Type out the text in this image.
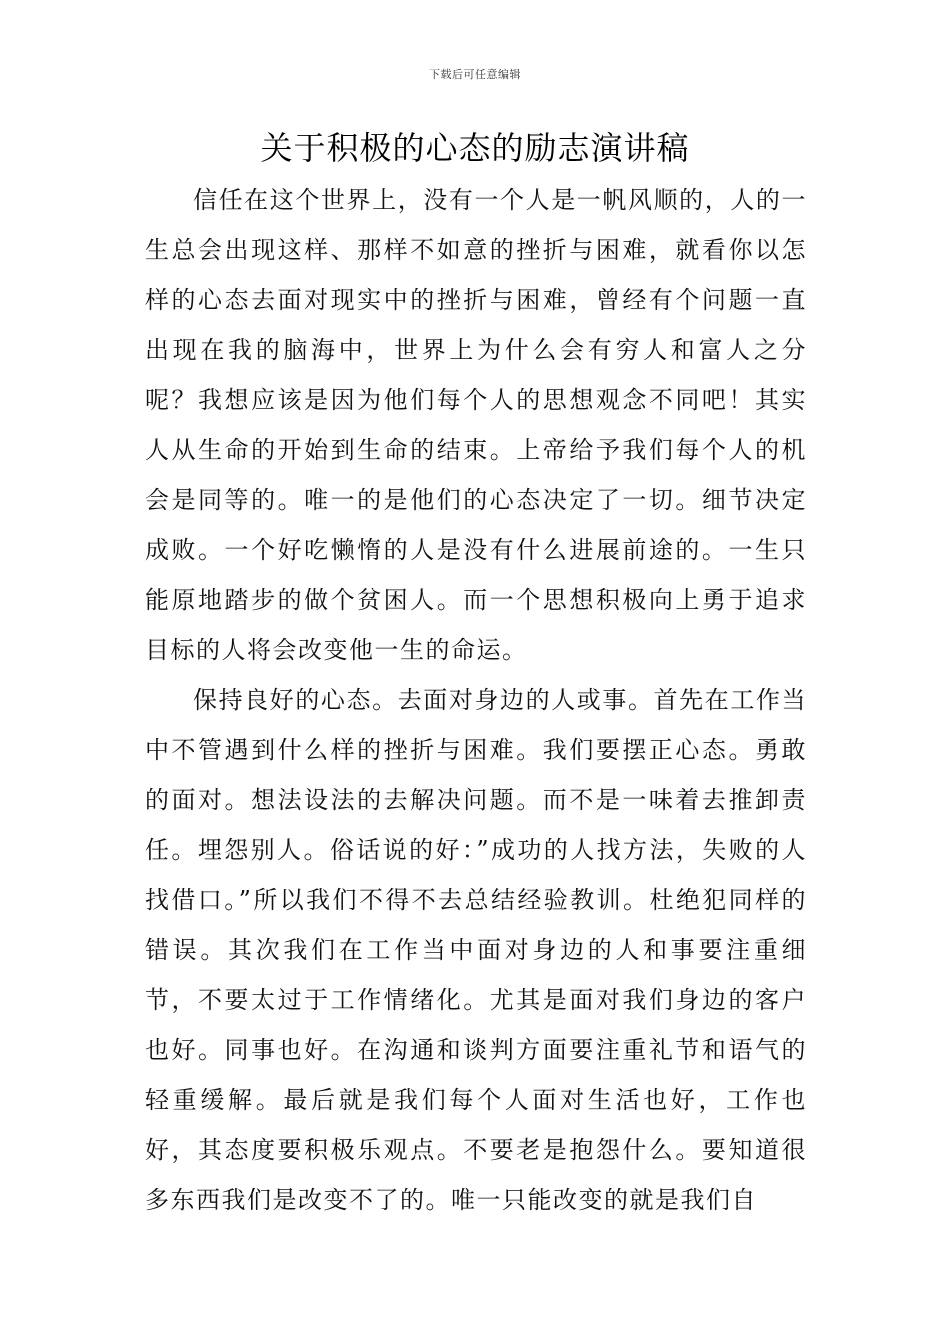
下载后可任意编辑
关于积极的心态的励志演讲稿

信任在这个世界上，没有一个人是一帆风顺的，人的一生总会出现这样、那样不如意的挫折与困难，就看你以怎样的心态去面对现实中的挫折与困难，曾经有个问题一直出现在我的脑海中，世界上为什么会有穷人和富人之分呢？我想应该是因为他们每个人的思想观念不同吧！其实人从生命的开始到生命的结束。上帝给予我们每个人的机会是同等的。唯一的是他们的心态决定了一切。细节决定成败。一个好吃懒惰的人是没有什么进展前途的。一生只能原地踏步的做个贫困人。而一个思想积极向上勇于追求目标的人将会改变他一生的命运。

保持良好的心态。去面对身边的人或事。首先在工作当中不管遇到什么样的挫折与困难。我们要摆正心态。勇敢的面对。想法设法的去解决问题。而不是一味着去推卸责任。埋怨别人。俗话说的好：”成功的人找方法，失败的人找借口。”所以我们不得不去总结经验教训。杜绝犯同样的错误。其次我们在工作当中面对身边的人和事要注重细节，不要太过于工作情绪化。尤其是面对我们身边的客户也好。同事也好。在沟通和谈判方面要注重礼节和语气的轻重缓解。最后就是我们每个人面对生活也好，工作也好，其态度要积极乐观点。不要老是抱怨什么。要知道很多东西我们是改变不了的。唯一只能改变的就是我们自
